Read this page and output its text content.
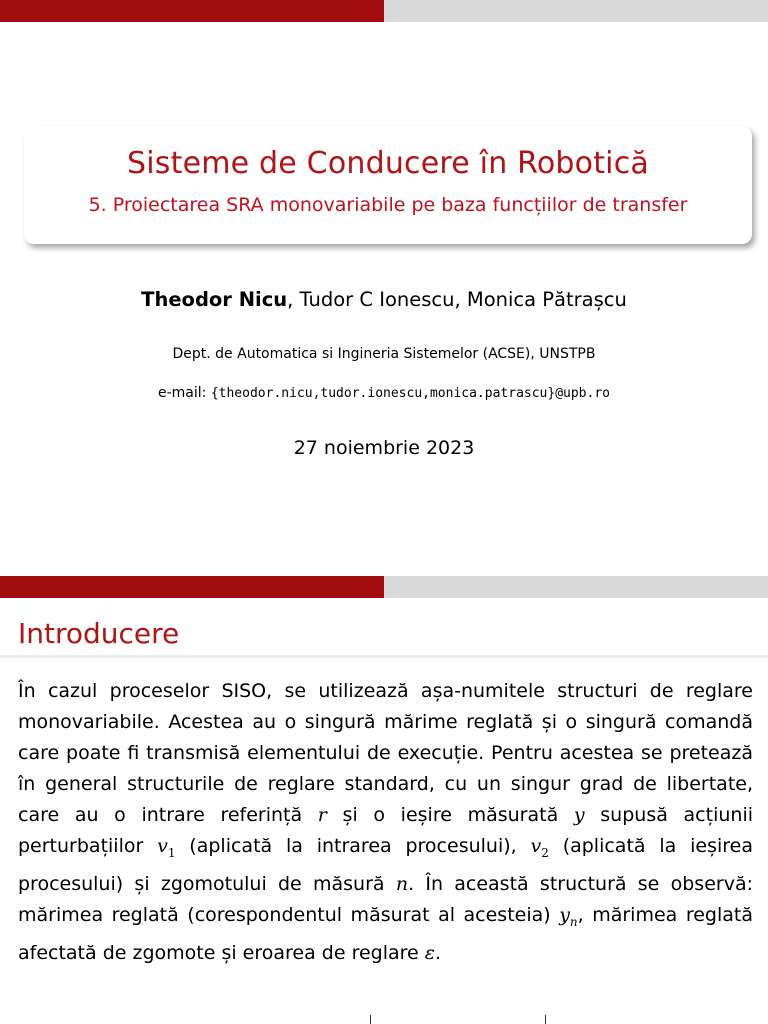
Sisteme de Conducere în Robotică
5. Proiectarea SRA monovariabile pe baza funcțiilor de transfer
Theodor Nicu, Tudor C Ionescu, Monica Pătrașcu
Dept. de Automatica si Ingineria Sistemelor (ACSE), UNSTPB
e-mail: {theodor.nicu,tudor.ionescu,monica.patrascu}@upb.ro
27 noiembrie 2023
Introducere

În cazul proceselor SISO, se utilizează așa-numitele structuri de reglare monovariabile. Acestea au o singură mărime reglată și o singură comandă care poate fi transmisă elementului de execuție. Pentru acestea se pretează în general structurile de reglare standard, cu un singur grad de libertate, care au o intrare referință r și o ieșire măsurată y supusă acțiunii perturbațiilor $v_1$ (aplicată la intrarea procesului), $v_2$ (aplicată la ieșirea procesului) și zgomotului de măsură n. În această structură se observă: mărimea reglată (corespondentul măsurat al acesteia) $y_n$, mărimea reglată afectată de zgomote și eroarea de reglare ε.
